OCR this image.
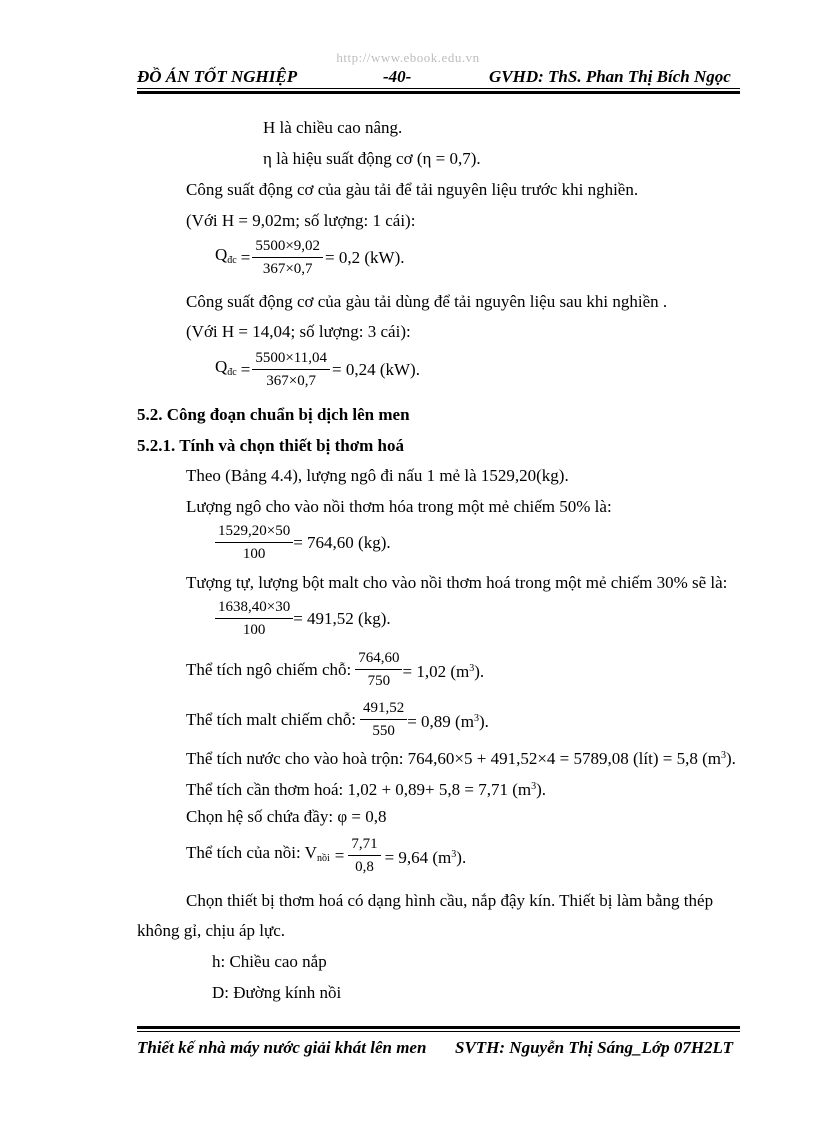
http://www.ebook.edu.vn
ĐỒ ÁN TỐT NGHIỆP	-40-	GVHD: ThS. Phan Thị Bích Ngọc
H là chiều cao nâng.
η là hiệu suất động cơ (η = 0,7).
Công suất động cơ của gàu tải để tải nguyên liệu trước khi nghiền.
(Với H = 9,02m; số lượng: 1 cái):
$Q_{đc} = \frac{5500\times 9,02}{367\times 0,7} = 0,2$ (kW).
Công suất động cơ của gàu tải dùng để tải nguyên liệu sau khi nghiền .
(Với H = 14,04; số lượng: 3 cái):
$Q_{đc} = \frac{5500\times 11,04}{367\times 0,7} = 0,24$ (kW).
5.2. Công đoạn chuẩn bị dịch lên men
5.2.1. Tính và chọn thiết bị thơm hoá
Theo (Bảng 4.4), lượng ngô đi nấu 1 mẻ là 1529,20(kg).
Lượng ngô cho vào nồi thơm hóa trong một mẻ chiếm 50% là:
$\frac{1529,20\times 50}{100} = 764,60$ (kg).
Tượng tự, lượng bột malt cho vào nồi thơm hoá trong một mẻ chiếm 30% sẽ là:
$\frac{1638,40\times 30}{100} = 491,52$ (kg).
Thể tích ngô chiếm chỗ: $\frac{764,60}{750} = 1,02$ $(m^3)$.
Thể tích malt chiếm chỗ: $\frac{491,52}{550} = 0,89$ $(m^3)$.
Thể tích nước cho vào hoà trộn: 764,60×5 + 491,52×4 = 5789,08 (lít) = 5,8 $(m^3)$.
Thể tích cần thơm hoá: 1,02 + 0,89+ 5,8 = 7,71 $(m^3)$.
Chọn hệ số chứa đầy: φ = 0,8
Thể tích của nồi: $V_{nồi} = \frac{7,71}{0,8} = 9,64$ $(m^3)$.
Chọn thiết bị thơm hoá có dạng hình cầu, nắp đậy kín. Thiết bị làm bằng thép
không gỉ, chịu áp lực.
h: Chiều cao nắp
D: Đường kính nồi
Thiết kế nhà máy nước giải khát lên men SVTH: Nguyễn Thị Sáng_Lớp 07H2LT
